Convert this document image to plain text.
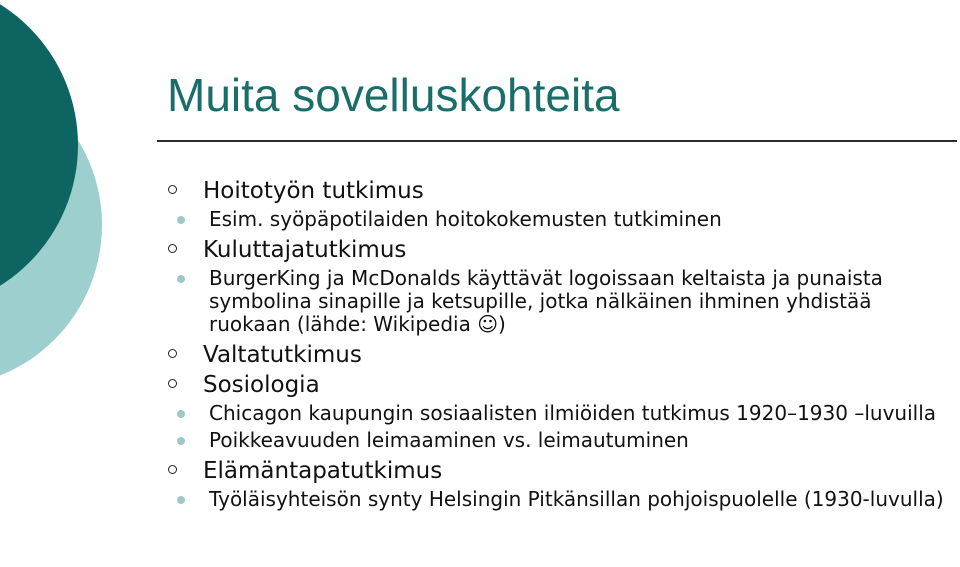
Muita sovelluskohteita
Hoitotyön tutkimus
Esim. syöpäpotilaiden hoitokokemusten tutkiminen
Kuluttajatutkimus
BurgerKing ja McDonalds käyttävät logoissaan keltaista ja punaista symbolina sinapille ja ketsupille, jotka nälkäinen ihminen yhdistää ruokaan (lähde: Wikipedia ☺)
Valtatutkimus
Sosiologia
Chicagon kaupungin sosiaalisten ilmiöiden tutkimus 1920–1930 –luvuilla
Poikkeavuuden leimaaminen vs. leimautuminen
Elämäntapatutkimus
Työläisyhteisön synty Helsingin Pitkänsillan pohjoispuolelle (1930-luvulla)
